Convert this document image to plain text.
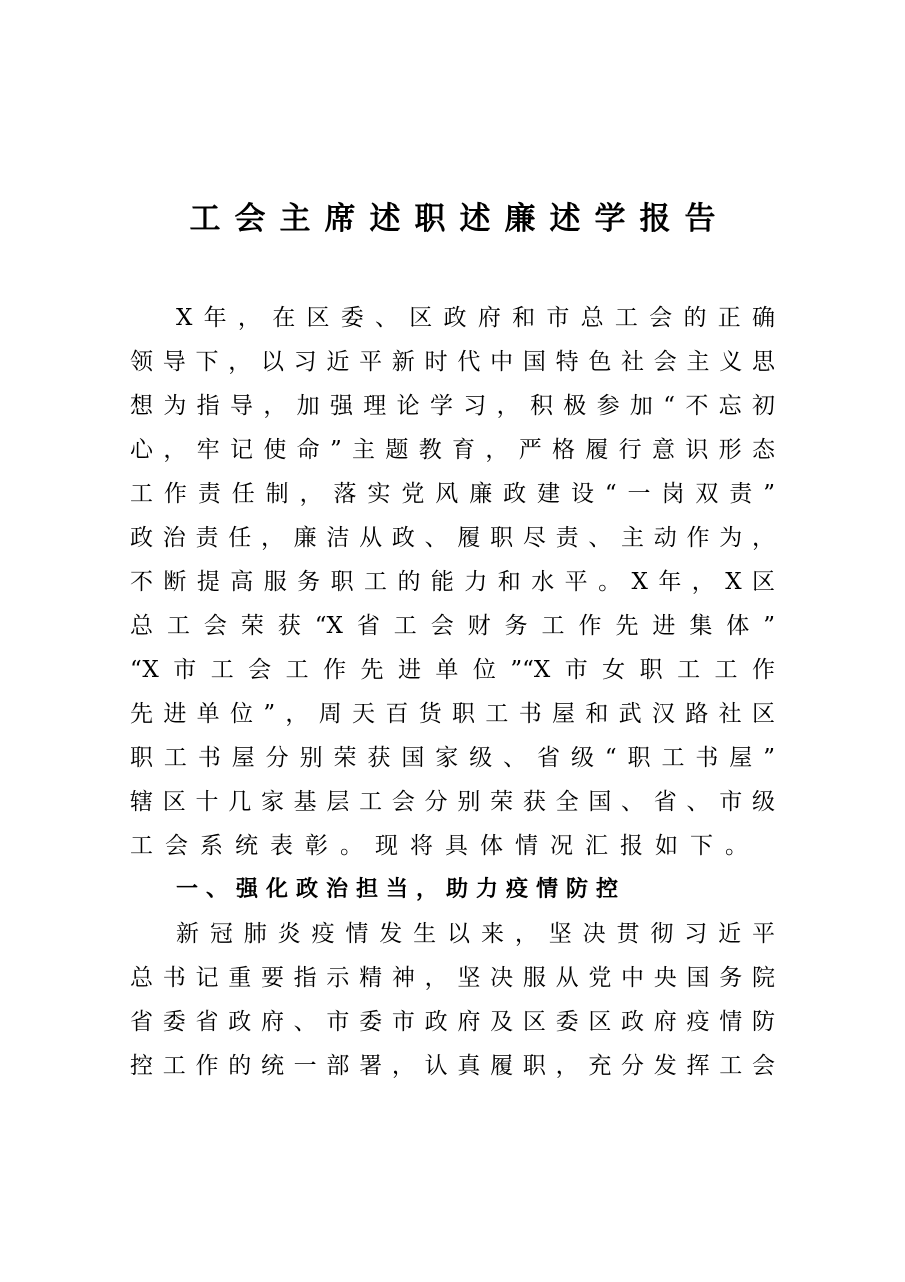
工会主席述职述廉述学报告
X年，在区委、区政府和市总工会的正确
领导下，以习近平新时代中国特色社会主义思
想为指导，加强理论学习，积极参加“不忘初
心，牢记使命”主题教育，严格履行意识形态
工作责任制，落实党风廉政建设“一岗双责”
政治责任，廉洁从政、履职尽责、主动作为，
不断提高服务职工的能力和水平。X年，X区
总工会荣获“X省工会财务工作先进集体”
“X市工会工作先进单位”“X市女职工工作
先进单位”，周天百货职工书屋和武汉路社区
职工书屋分别荣获国家级、省级“职工书屋”
辖区十几家基层工会分别荣获全国、省、市级
工会系统表彰。现将具体情况汇报如下。
一、强化政治担当，助力疫情防控
新冠肺炎疫情发生以来，坚决贯彻习近平
总书记重要指示精神，坚决服从党中央国务院
省委省政府、市委市政府及区委区政府疫情防
控工作的统一部署，认真履职，充分发挥工会
